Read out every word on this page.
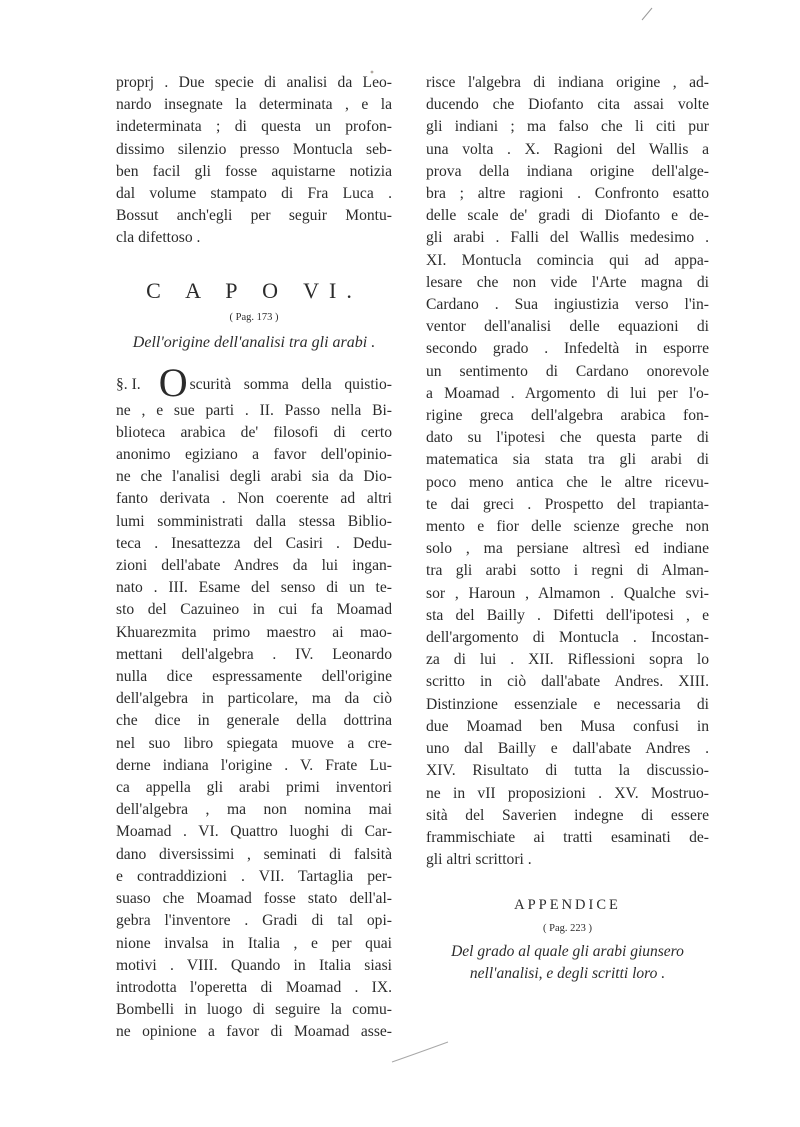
proprj . Due specie di analisi da Leo-
nardo insegnate la determinata , e la
indeterminata ; di questa un profon-
dissimo silenzio presso Montucla seb-
ben facil gli fosse aquistarne notizia
dal volume stampato di Fra Luca .
Bossut anch'egli per seguir Montu-
cla difettoso .
C A P O VI.
( Pag. 173 )
Dell'origine dell'analisi tra gli arabi .
§. I. O scurità somma della quistio-
ne , e sue parti . II. Passo nella Bi-
blioteca arabica de' filosofi di certo
anonimo egiziano a favor dell'opinio-
ne che l'analisi degli arabi sia da Dio-
fanto derivata . Non coerente ad altri
lumi somministrati dalla stessa Biblio-
teca . Inesattezza del Casiri . Dedu-
zioni dell'abate Andres da lui ingan-
nato . III. Esame del senso di un te-
sto del Cazuineo in cui fa Moamad
Khuarezmita primo maestro ai mao-
mettani dell'algebra . IV. Leonardo
nulla dice espressamente dell'origine
dell'algebra in particolare, ma da ciò
che dice in generale della dottrina
nel suo libro spiegata muove a cre-
derne indiana l'origine . V. Frate Lu-
ca appella gli arabi primi inventori
dell'algebra , ma non nomina mai
Moamad . VI. Quattro luoghi di Car-
dano diversissimi , seminati di falsità
e contraddizioni . VII. Tartaglia per-
suaso che Moamad fosse stato dell'al-
gebra l'inventore . Gradi di tal opi-
nione invalsa in Italia , e per quai
motivi . VIII. Quando in Italia siasi
introdotta l'operetta di Moamad . IX.
Bombelli in luogo di seguire la comu-
ne opinione a favor di Moamad asse-
risce l'algebra di indiana origine , ad-
ducendo che Diofanto cita assai volte
gli indiani ; ma falso che li citi pur
una volta . X. Ragioni del Wallis a
prova della indiana origine dell'alge-
bra ; altre ragioni . Confronto esatto
delle scale de' gradi di Diofanto e de-
gli arabi . Falli del Wallis medesimo .
XI. Montucla comincia qui ad appa-
lesare che non vide l'Arte magna di
Cardano . Sua ingiustizia verso l'in-
ventor dell'analisi delle equazioni di
secondo grado . Infedeltà in esporre
un sentimento di Cardano onorevole
a Moamad . Argomento di lui per l'o-
rigine greca dell'algebra arabica fon-
dato su l'ipotesi che questa parte di
matematica sia stata tra gli arabi di
poco meno antica che le altre ricevu-
te dai greci . Prospetto del trapianta-
mento e fior delle scienze greche non
solo , ma persiane altresì ed indiane
tra gli arabi sotto i regni di Alman-
sor , Haroun , Almamon . Qualche svi-
sta del Bailly . Difetti dell'ipotesi , e
dell'argomento di Montucla . Incostan-
za di lui . XII. Riflessioni sopra lo
scritto in ciò dall'abate Andres. XIII.
Distinzione essenziale e necessaria di
due Moamad ben Musa confusi in
uno dal Bailly e dall'abate Andres .
XIV. Risultato di tutta la discussio-
ne in vII proposizioni . XV. Mostruo-
sità del Saverien indegne di essere
frammischiate ai tratti esaminati de-
gli altri scrittori .
APPENDICE
( Pag. 223 )
Del grado al quale gli arabi giunsero
nell'analisi, e degli scritti loro .
